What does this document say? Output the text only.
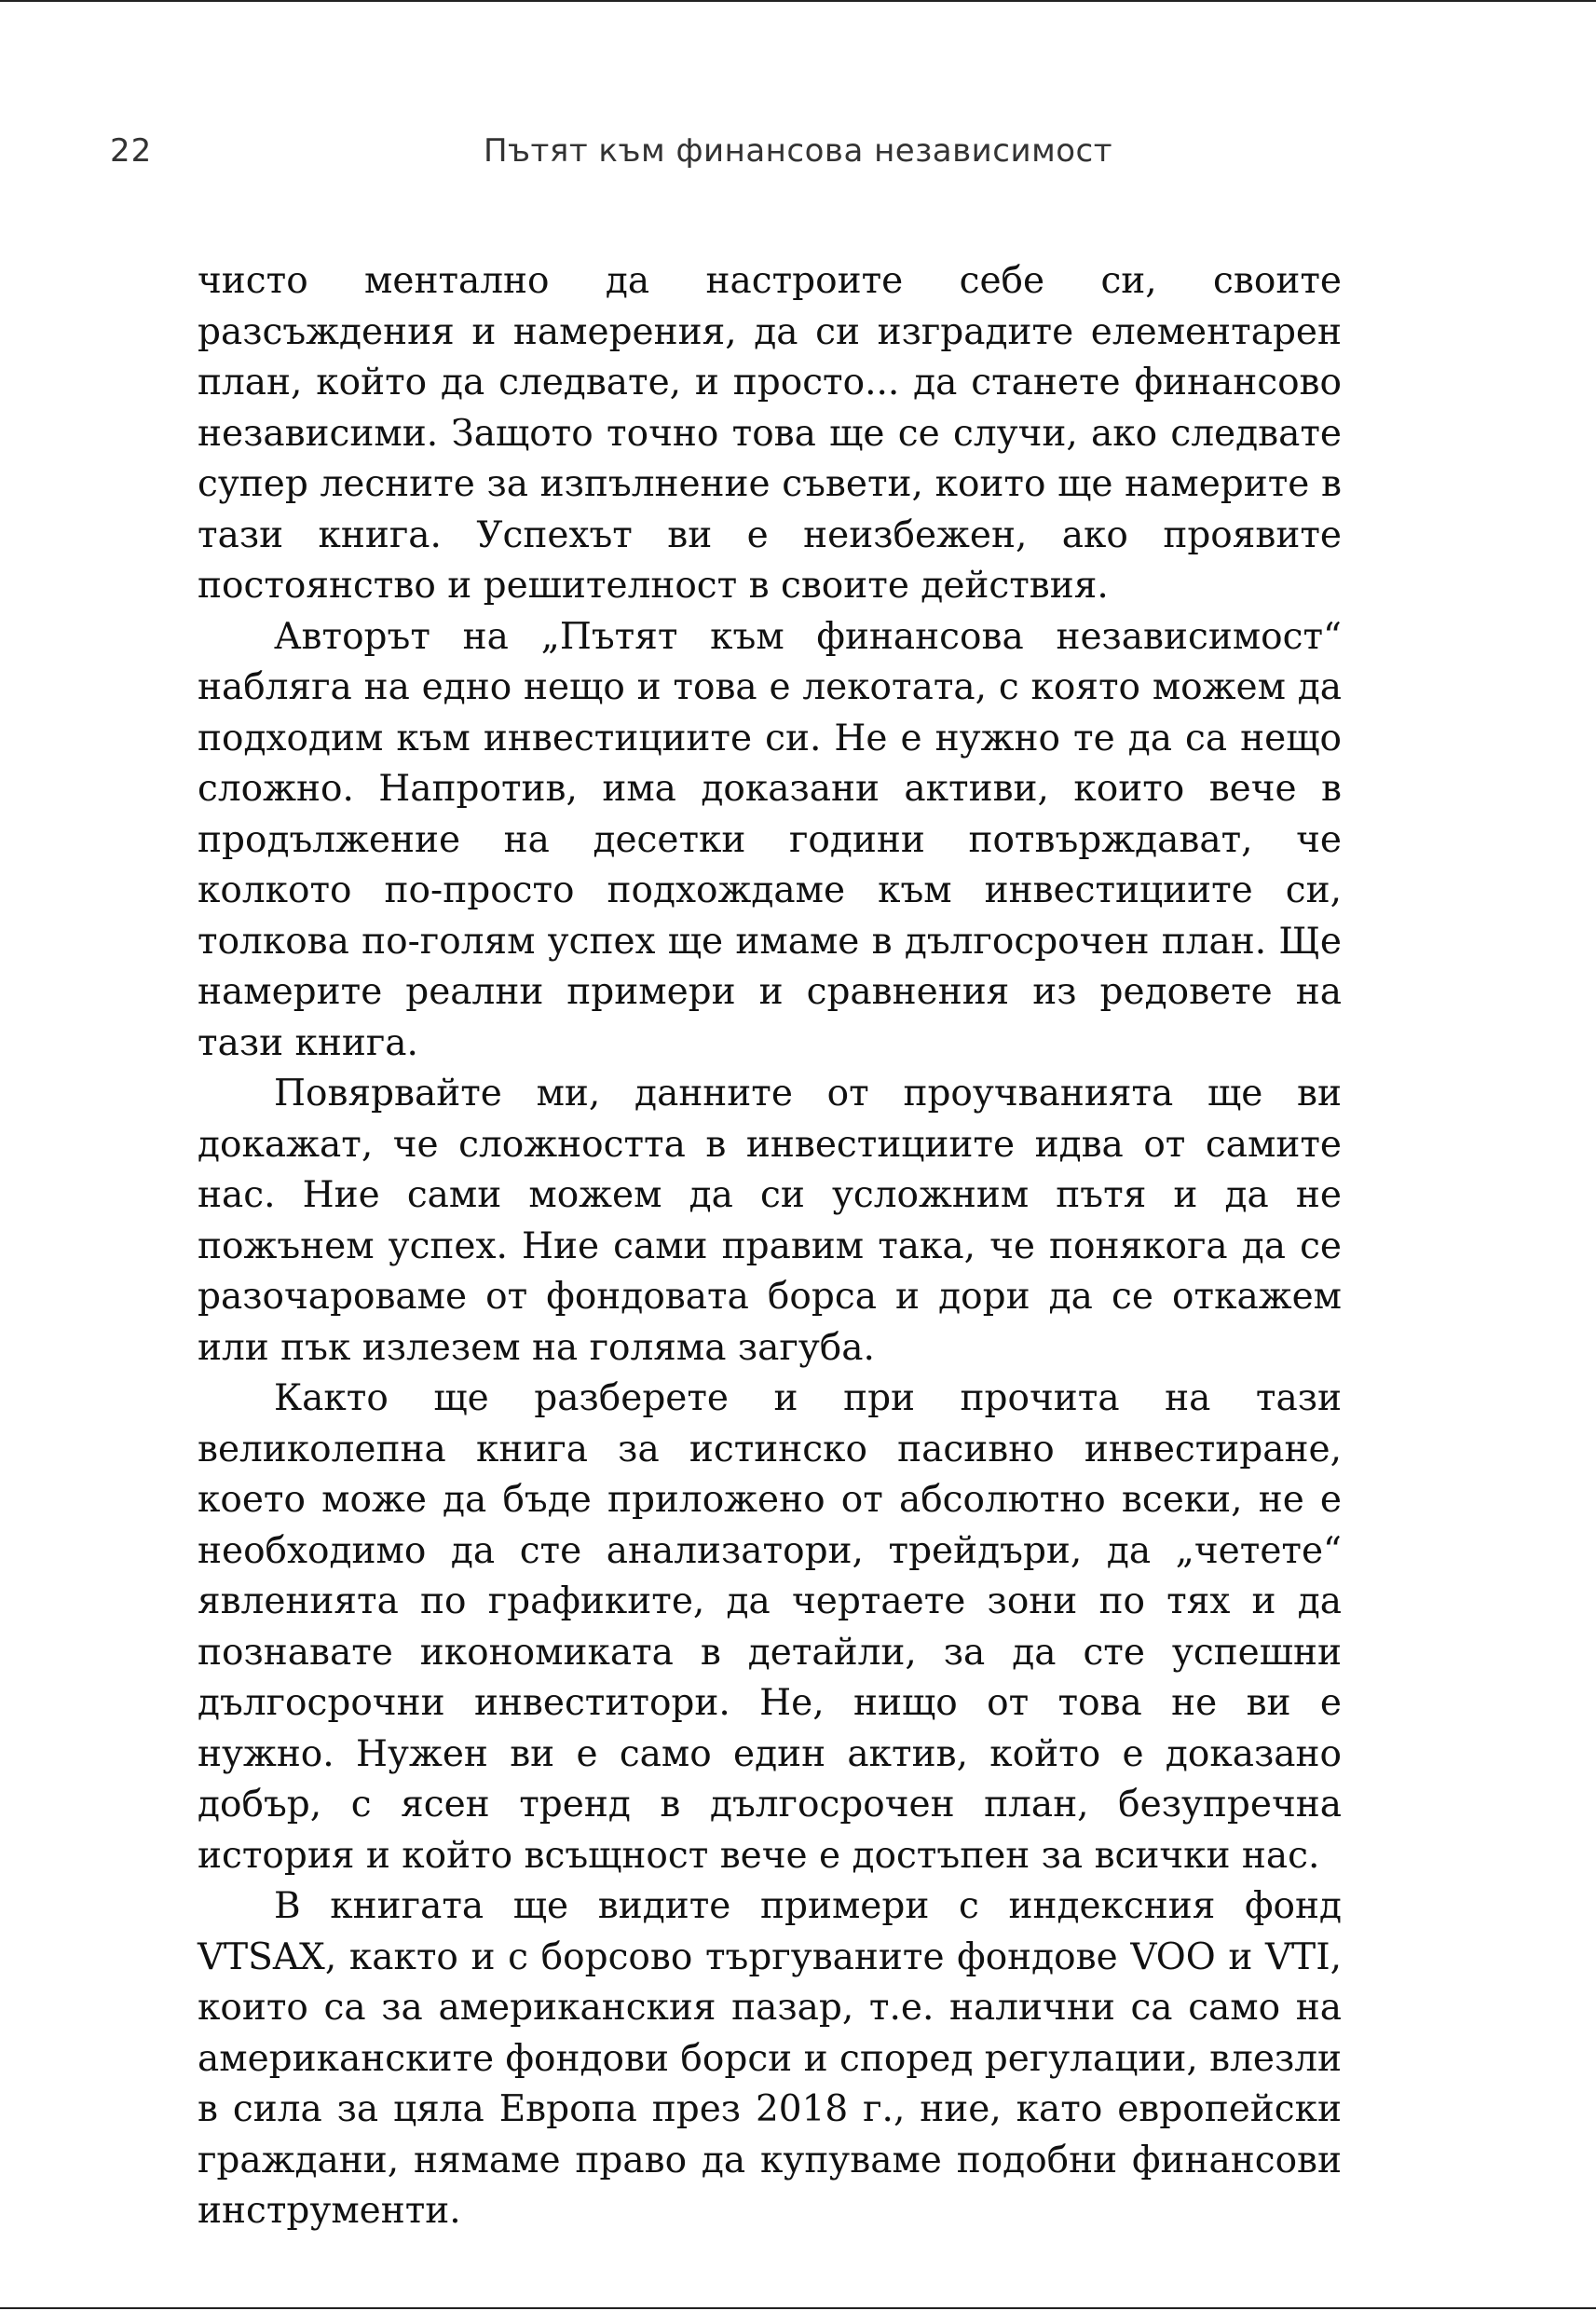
22	Пътят към финансова независимост

чисто ментално да настроите себе си, своите разсъждения и намерения, да си изградите елементарен план, който да следвате, и просто... да станете финансово независими. Защото точно това ще се случи, ако следвате супер лесните за изпълнение съвети, които ще намерите в тази книга. Успехът ви е неизбежен, ако проявите постоянство и решителност в своите действия.

Авторът на „Пътят към финансова независимост“ набляга на едно нещо и това е лекотата, с която можем да подходим към инвестициите си. Не е нужно те да са нещо сложно. Напротив, има доказани активи, които вече в продължение на десетки години потвърждават, че колкото по-просто подхождаме към инвестициите си, толкова по-голям успех ще имаме в дългосрочен план. Ще намерите реални примери и сравнения из редовете на тази книга.

Повярвайте ми, данните от проучванията ще ви докажат, че сложността в инвестициите идва от самите нас. Ние сами можем да си усложним пътя и да не пожънем успех. Ние сами правим така, че понякога да се разочароваме от фондовата борса и дори да се откажем или пък излезем на голяма загуба.

Както ще разберете и при прочита на тази великолепна книга за истинско пасивно инвестиране, което може да бъде приложено от абсолютно всеки, не е необходимо да сте анализатори, трейдъри, да „четете“ явленията по графиките, да чертаете зони по тях и да познавате икономиката в детайли, за да сте успешни дългосрочни инвеститори. Не, нищо от това не ви е нужно. Нужен ви е само един актив, който е доказано добър, с ясен тренд в дългосрочен план, безупречна история и който всъщност вече е достъпен за всички нас.

В книгата ще видите примери с индексния фонд VTSAX, както и с борсово търгуваните фондове VOO и VTI, които са за американския пазар, т.е. налични са само на американските фондови борси и според регулации, влезли в сила за цяла Европа през 2018 г., ние, като европейски граждани, нямаме право да купуваме подобни финансови инструменти.
